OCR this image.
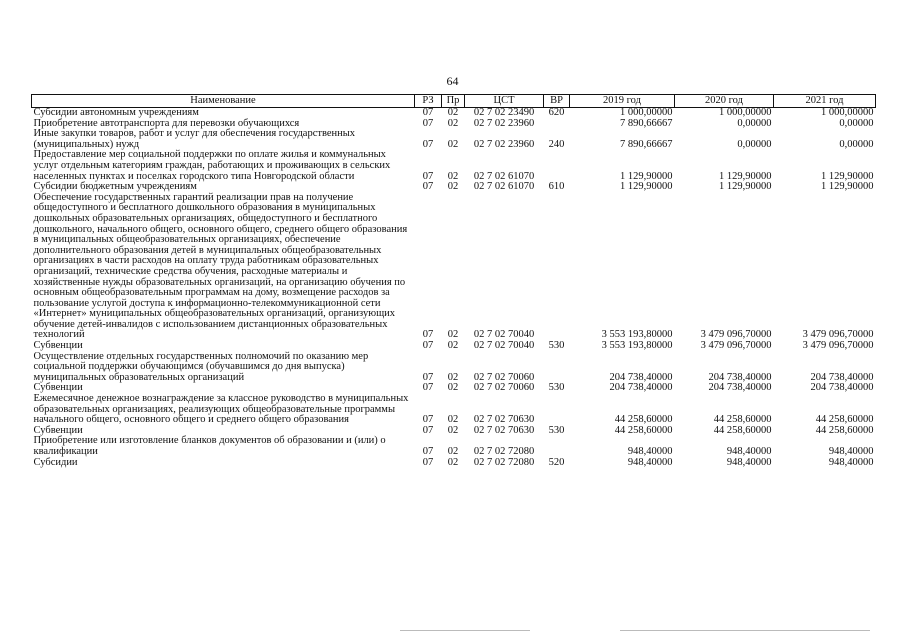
64
Наименование	РЗ	Пр	ЦСТ	ВР	2019 год	2020 год	2021 год
Субсидии автономным учреждениям	07	02	02 7 02 23490	620	1 000,00000	1 000,00000	1 000,00000
Приобретение автотранспорта для перевозки обучающихся	07	02	02 7 02 23960		7 890,66667	0,00000	0,00000
Иные закупки товаров, работ и услуг для обеспечения государственных (муниципальных) нужд	07	02	02 7 02 23960	240	7 890,66667	0,00000	0,00000
Предоставление мер социальной поддержки по оплате жилья и коммунальных услуг отдельным категориям граждан, работающих и проживающих в сельских населенных пунктах и поселках городского типа Новгородской области	07	02	02 7 02 61070		1 129,90000	1 129,90000	1 129,90000
Субсидии бюджетным учреждениям	07	02	02 7 02 61070	610	1 129,90000	1 129,90000	1 129,90000
Обеспечение государственных гарантий реализации прав на получение общедоступного и бесплатного дошкольного образования в муниципальных дошкольных образовательных организациях, общедоступного и бесплатного дошкольного, начального общего, основного общего, среднего общего образования в муниципальных общеобразовательных организациях, обеспечение дополнительного образования детей в муниципальных общеобразовательных организациях в части расходов на оплату труда работникам образовательных организаций, технические средства обучения, расходные материалы и хозяйственные нужды образовательных организаций, на организацию обучения по основным общеобразовательным программам на дому, возмещение расходов за пользование услугой доступа к информационно-телекоммуникационной сети «Интернет» муниципальных общеобразовательных организаций, организующих обучение детей-инвалидов с использованием дистанционных образовательных технологий	07	02	02 7 02 70040		3 553 193,80000	3 479 096,70000	3 479 096,70000
Субвенции	07	02	02 7 02 70040	530	3 553 193,80000	3 479 096,70000	3 479 096,70000
Осуществление отдельных государственных полномочий по оказанию мер социальной поддержки обучающимся (обучавшимся до дня выпуска) муниципальных образовательных организаций	07	02	02 7 02 70060		204 738,40000	204 738,40000	204 738,40000
Субвенции	07	02	02 7 02 70060	530	204 738,40000	204 738,40000	204 738,40000
Ежемесячное денежное вознаграждение за классное руководство в муниципальных образовательных организациях, реализующих общеобразовательные программы начального общего, основного общего и среднего общего образования	07	02	02 7 02 70630		44 258,60000	44 258,60000	44 258,60000
Субвенции	07	02	02 7 02 70630	530	44 258,60000	44 258,60000	44 258,60000
Приобретение или изготовление бланков документов об образовании и (или) о квалификации	07	02	02 7 02 72080		948,40000	948,40000	948,40000
Субсидии	07	02	02 7 02 72080	520	948,40000	948,40000	948,40000
